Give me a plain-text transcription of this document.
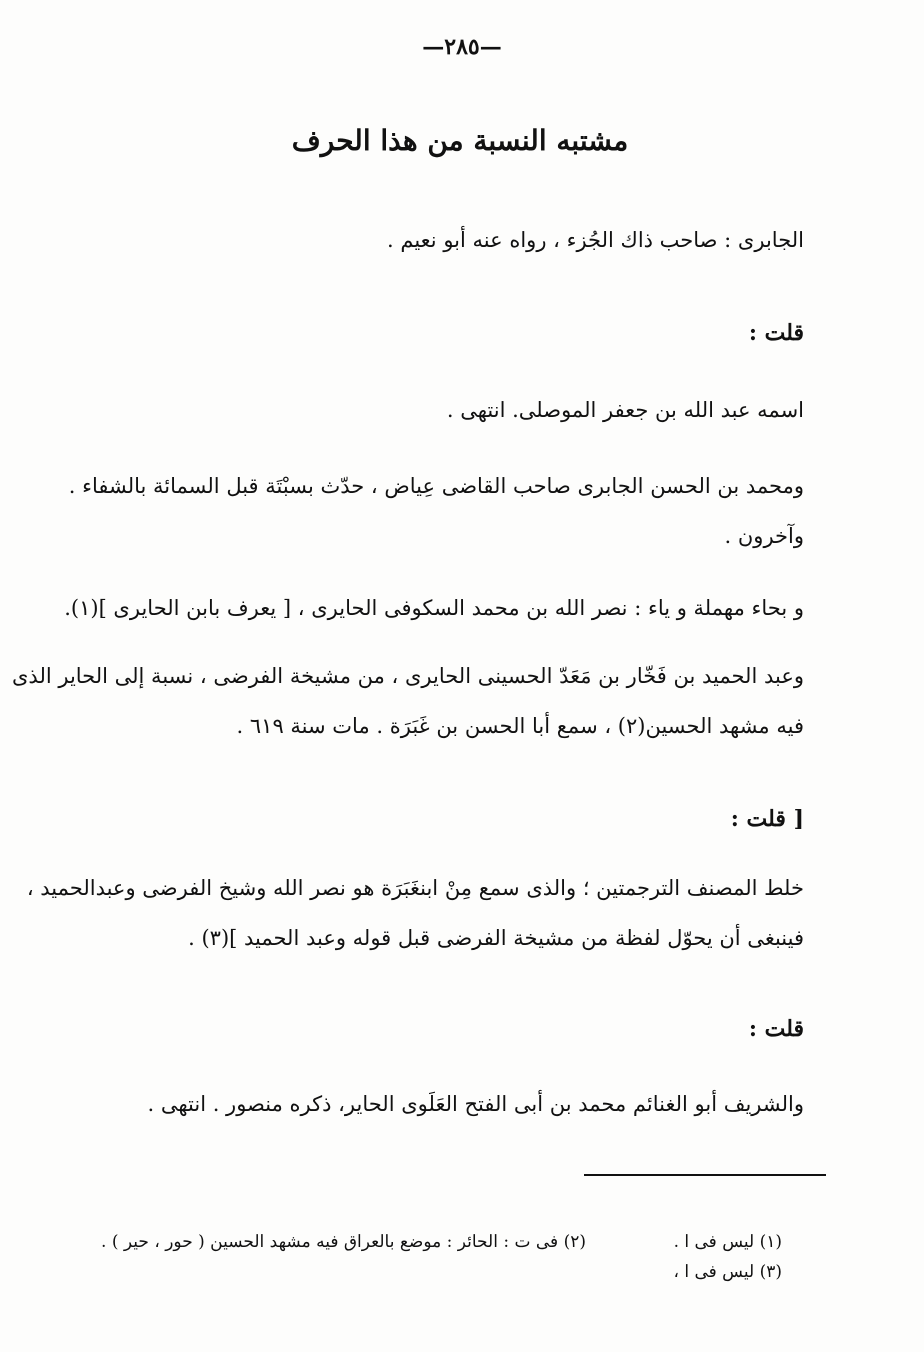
—٢٨٥—
مشتبه النسبة من هذا الحرف
الجابرى : صاحب ذاك الجُزء ، رواه عنه أبو نعيم .
قلت :
اسمه عبد الله بن جعفر الموصلى. انتهى .
ومحمد بن الحسن الجابرى صاحب القاضى عِياض ، حدّث بسبْتَة قبل السمائة بالشفاء .
وآخرون .
و بحاء مهملة و ياء : نصر الله بن محمد السكوفى الحايرى ، [ يعرف بابن الحايرى ](١).
وعبد الحميد بن فَخّار بن مَعَدّ الحسينى الحايرى ، من مشيخة الفرضى ، نسبة إلى الحاير الذى
فيه مشهد الحسين(٢) ، سمع أبا الحسن بن غَبَرَة . مات سنة ٦١٩ .
[ قلت :
خلط المصنف الترجمتين ؛ والذى سمع مِنْ ابنغَبَرَة هو نصر الله وشيخ الفرضى وعبدالحميد ،
فينبغى أن يحوّل لفظة من مشيخة الفرضى قبل قوله وعبد الحميد ](٣) .
قلت :
والشريف أبو الغنائم محمد بن أبى الفتح العَلَوى الحاير، ذكره منصور . انتهى .
(١) ليس فى ا .
(٢) فى ت : الحائر : موضع بالعراق فيه مشهد الحسين ( حور ، حير ) .
(٣) ليس فى ا ،
